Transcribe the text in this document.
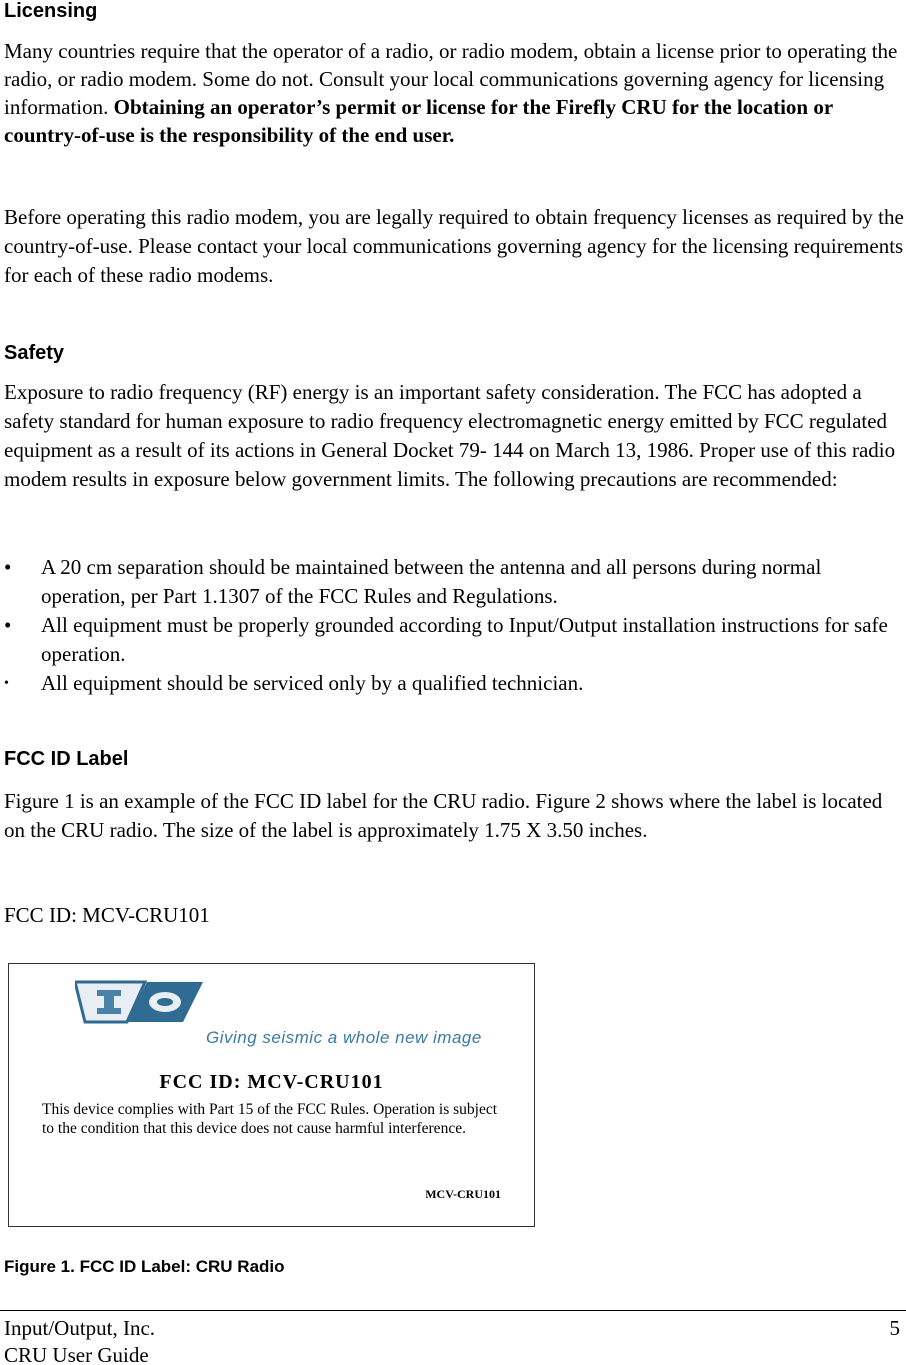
Licensing
Many countries require that the operator of a radio, or radio modem, obtain a license prior to operating the radio, or radio modem. Some do not. Consult your local communications governing agency for licensing information. Obtaining an operator’s permit or license for the Firefly CRU for the location or country-of-use is the responsibility of the end user.
Before operating this radio modem, you are legally required to obtain frequency licenses as required by the country-of-use. Please contact your local communications governing agency for the licensing requirements for each of these radio modems.
Safety
Exposure to radio frequency (RF) energy is an important safety consideration. The FCC has adopted a safety standard for human exposure to radio frequency electromagnetic energy emitted by FCC regulated equipment as a result of its actions in General Docket 79- 144 on March 13, 1986. Proper use of this radio modem results in exposure below government limits. The following precautions are recommended:
• A 20 cm separation should be maintained between the antenna and all persons during normal operation, per Part 1.1307 of the FCC Rules and Regulations.
• All equipment must be properly grounded according to Input/Output installation instructions for safe operation.
• All equipment should be serviced only by a qualified technician.
FCC ID Label
Figure 1 is an example of the FCC ID label for the CRU radio. Figure 2 shows where the label is located on the CRU radio. The size of the label is approximately 1.75 X 3.50 inches.
FCC ID: MCV-CRU101
Giving seismic a whole new image
FCC ID: MCV-CRU101
This device complies with Part 15 of the FCC Rules. Operation is subject to the condition that this device does not cause harmful interference.
MCV-CRU101
Figure 1. FCC ID Label: CRU Radio
Input/Output, Inc.	5
CRU User Guide
